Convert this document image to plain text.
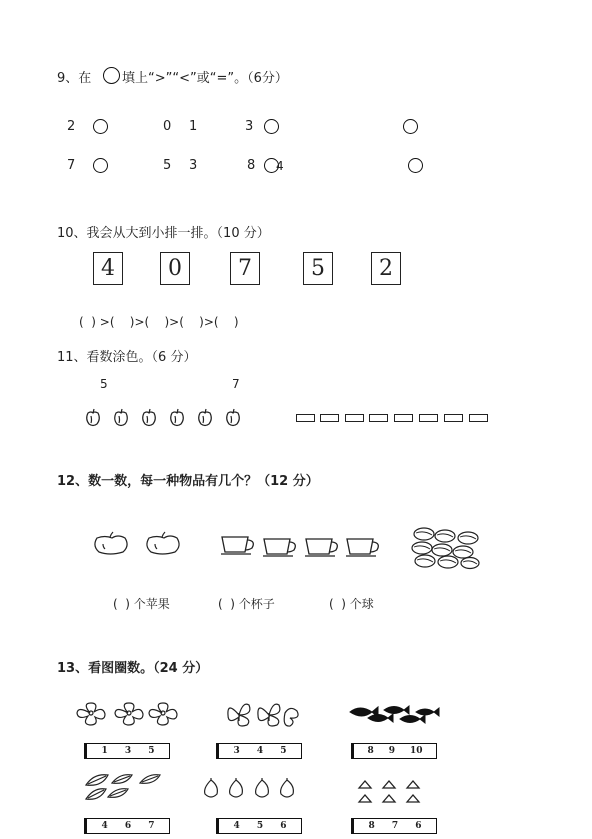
9、在 填上“>”“<”或“=”。（6分）
2	0 1	3
7	5 3	8 4
10、我会从大到小排一排。（10 分）
4	0	7	5	2
(  ) >(    )>(    )>(    )>(    )
11、看数涂色。（6 分）
5	7
12、数一数，每一种物品有几个？（12 分）
(  ) 个苹果	(  ) 个杯子	(  ) 个球
13、看图圈数。（24 分）
1 3 5	3 4 5	8 9 10
4 6 7	4 5 6	8 7 6
